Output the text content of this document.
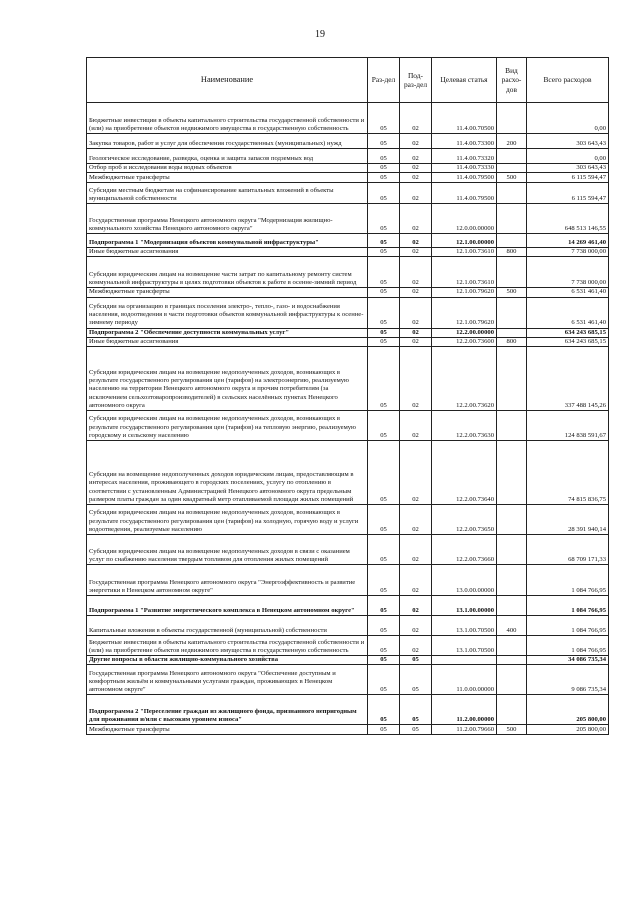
19
Наименование	Раз-дел	Под-раз-дел	Целевая статья	Вид расхо-дов	Всего расходов
Бюджетные инвестиции в объекты капитального строительства государственной собственности и (или) на приобретение объектов недвижимого имущества в государственную собственность	05	02	11.4.00.70500		0,00
Закупка товаров, работ и услуг для обеспечения государственных (муниципальных) нужд	05	02	11.4.00.73300	200	303 643,43
Геологическое исследование, разведка, оценка и защита запасов подземных вод	05	02	11.4.00.73320		0,00
Отбор проб и исследования воды водных объектов	05	02	11.4.00.73330		303 643,43
Межбюджетные трансферты	05	02	11.4.00.79500	500	6 115 594,47
Субсидии местным бюджетам на софинансирование капитальных вложений в объекты муниципальной собственности	05	02	11.4.00.79500		6 115 594,47
Государственная программа Ненецкого автономного округа "Модернизация жилищно-коммунального хозяйства Ненецкого автономного округа"	05	02	12.0.00.00000		648 513 146,55
Подпрограмма 1 "Модернизация объектов коммунальной инфраструктуры"	05	02	12.1.00.00000		14 269 461,40
Иные бюджетные ассигнования	05	02	12.1.00.73610	800	7 738 000,00
Субсидии юридическим лицам на возмещение части затрат по капитальному ремонту систем коммунальной инфраструктуры в целях подготовки объектов к работе в осенне-зимний период	05	02	12.1.00.73610		7 738 000,00
Межбюджетные трансферты	05	02	12.1.00.79620	500	6 531 461,40
Субсидии на организацию в границах поселения электро-, тепло-, газо- и водоснабжения населения, водоотведения в части подготовки объектов коммунальной инфраструктуры к осенне-зимнему периоду	05	02	12.1.00.79620		6 531 461,40
Подпрограмма 2 "Обеспечение доступности коммунальных услуг"	05	02	12.2.00.00000		634 243 685,15
Иные бюджетные ассигнования	05	02	12.2.00.73600	800	634 243 685,15
Субсидии юридическим лицам на возмещение недополученных доходов, возникающих в результате государственного регулирования цен (тарифов) на электроэнергию, реализуемую населению на территории Ненецкого автономного округа и прочим потребителям (за исключением сельхозтоваропроизводителей) в сельских населённых пунктах Ненецкого автономного округа	05	02	12.2.00.73620		337 488 145,26
Субсидии юридическим лицам на возмещение недополученных доходов, возникающих в результате государственного регулирования цен (тарифов) на тепловую энергию, реализуемую городскому и сельскому населению	05	02	12.2.00.73630		124 838 591,67
Субсидии на возмещение недополученных доходов юридическим лицам, предоставляющим в интересах населения, проживающего в городских поселениях, услугу по отоплению в соответствии с установленным Администрацией Ненецкого автономного округа предельным размером платы граждан за один квадратный метр отапливаемой площади жилых помещений	05	02	12.2.00.73640		74 815 836,75
Субсидии юридическим лицам на возмещение недополученных доходов, возникающих в результате государственного регулирования цен (тарифов) на холодную, горячую воду и услуги водоотведения, реализуемые населению	05	02	12.2.00.73650		28 391 940,14
Субсидии юридическим лицам на возмещение недополученных доходов в связи с оказанием услуг по снабжению населения твердым топливом для отопления жилых помещений	05	02	12.2.00.73660		68 709 171,33
Государственная программа Ненецкого автономного округа "Энергоэффективность и развитие энергетики в Ненецком автономном округе"	05	02	13.0.00.00000		1 084 766,95
Подпрограмма 1 "Развитие энергетического комплекса в Ненецком автономном округе"	05	02	13.1.00.00000		1 084 766,95
Капитальные вложения в объекты государственной (муниципальной) собственности	05	02	13.1.00.70500	400	1 084 766,95
Бюджетные инвестиции в объекты капитального строительства государственной собственности и (или) на приобретение объектов недвижимого имущества в государственную собственность	05	02	13.1.00.70500		1 084 766,95
Другие вопросы в области жилищно-коммунального хозяйства	05	05			34 086 735,34
Государственная программа Ненецкого автономного округа "Обеспечение доступным и комфортным жильём и коммунальными услугами граждан, проживающих в Ненецком автономном округе"	05	05	11.0.00.00000		9 086 735,34
Подпрограмма 2 "Переселение граждан из жилищного фонда, признанного непригодным для проживания и/или с высоким уровнем износа"	05	05	11.2.00.00000		205 800,00
Межбюджетные трансферты	05	05	11.2.00.79660	500	205 800,00
